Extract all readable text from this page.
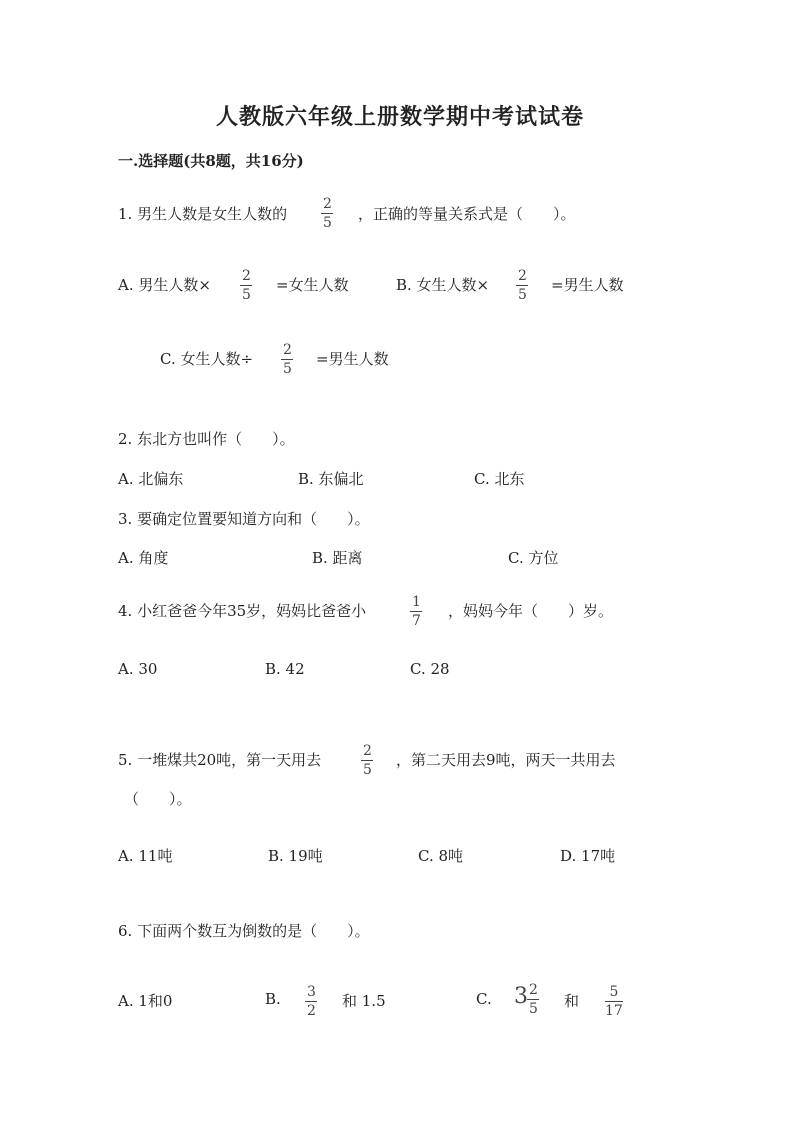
人教版六年级上册数学期中考试试卷
一.选择题(共8题，共16分)
1. 男生人数是女生人数的
2
5 ，正确的等量关系式是（　　）。
A. 男生人数× 2
5
=女生人数	B. 女生人数× 2
5
=男生人数
C. 女生人数÷ 2
5
=男生人数
2. 东北方也叫作（　　）。
A. 北偏东	B. 东偏北	C. 北东
3. 要确定位置要知道方向和（　　）。
A. 角度	B. 距离	C. 方位
4. 小红爸爸今年35岁，妈妈比爸爸小	1
7
，妈妈今年（　　）岁。
A. 30	B. 42	C. 28
5. 一堆煤共20吨，第一天用去	2
5
，第二天用去9吨，两天一共用去
（　　）。
A. 11吨	B. 19吨	C. 8吨	D. 17吨
6. 下面两个数互为倒数的是（　　）。
A. 1和0	B. 3
2
和 1.5	C. 3 2
5 和 5
17
